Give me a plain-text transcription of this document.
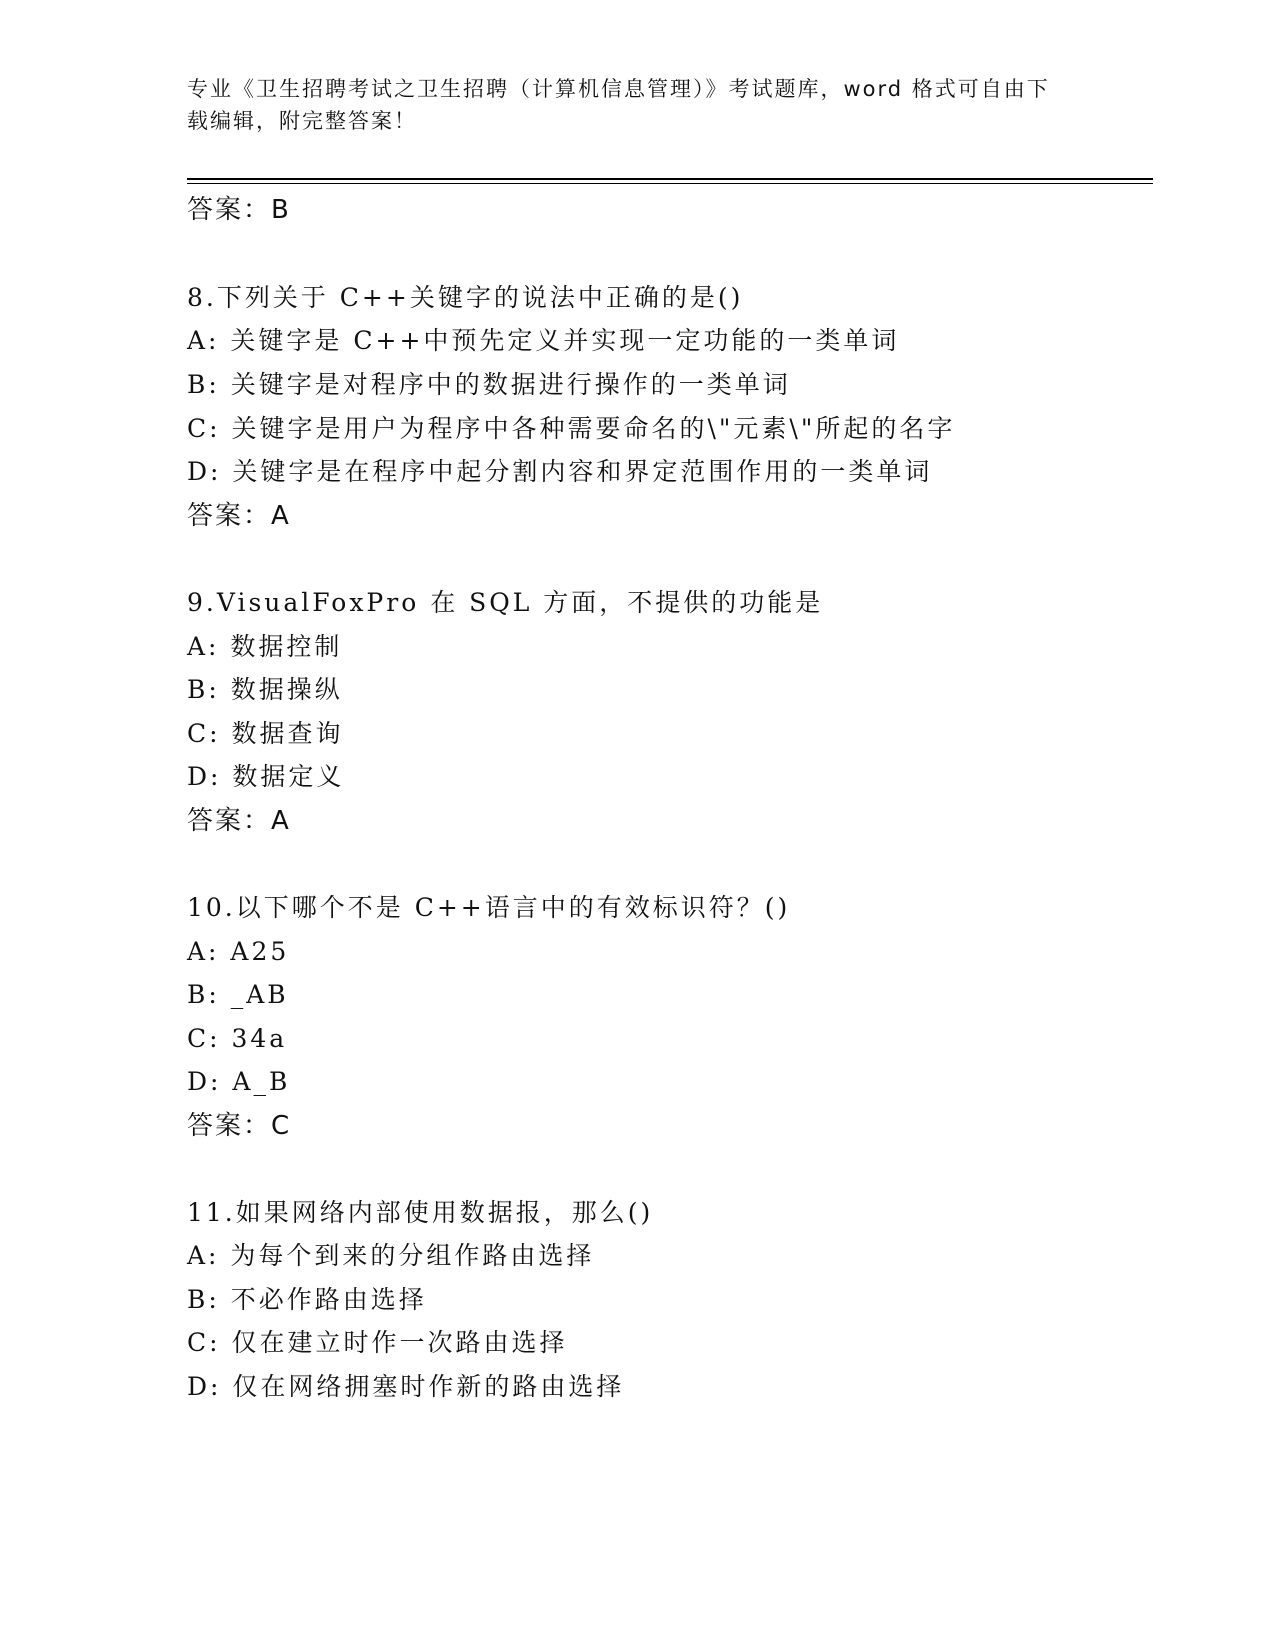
专业《卫生招聘考试之卫生招聘（计算机信息管理）》考试题库，word 格式可自由下载编辑，附完整答案！
答案：B
8.下列关于 C++关键字的说法中正确的是()
A: 关键字是 C++中预先定义并实现一定功能的一类单词
B: 关键字是对程序中的数据进行操作的一类单词
C: 关键字是用户为程序中各种需要命名的\"元素\"所起的名字
D: 关键字是在程序中起分割内容和界定范围作用的一类单词
答案：A
9.VisualFoxPro 在 SQL 方面，不提供的功能是
A: 数据控制
B: 数据操纵
C: 数据查询
D: 数据定义
答案：A
10.以下哪个不是 C++语言中的有效标识符？()
A: A25
B: _AB
C: 34a
D: A_B
答案：C
11.如果网络内部使用数据报，那么()
A: 为每个到来的分组作路由选择
B: 不必作路由选择
C: 仅在建立时作一次路由选择
D: 仅在网络拥塞时作新的路由选择
